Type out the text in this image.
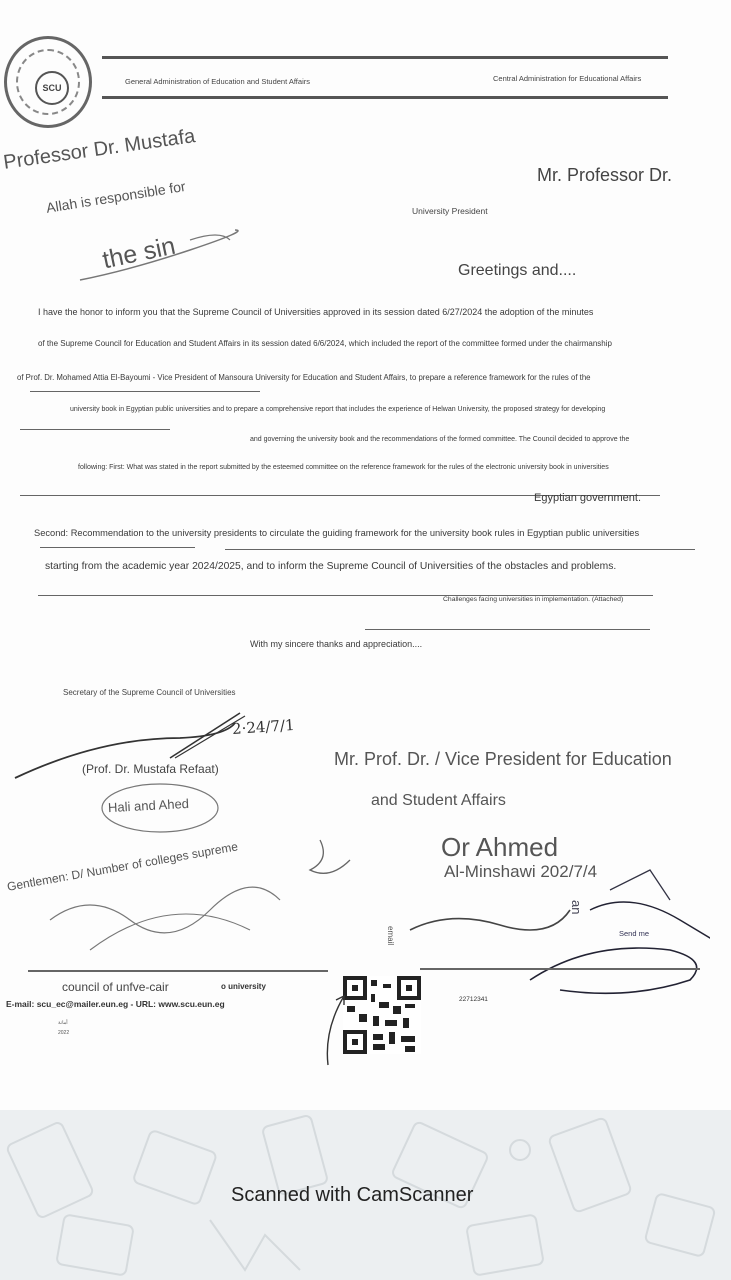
SCU
General Administration of Education and Student Affairs	Central Administration for Educational Affairs
Professor Dr. Mustafa
Allah is responsible for
the sin
Mr. Professor Dr.
University President
Greetings and....
I have the honor to inform you that the Supreme Council of Universities approved in its session dated 6/27/2024 the adoption of the minutes
of the Supreme Council for Education and Student Affairs in its session dated 6/6/2024, which included the report of the committee formed under the chairmanship
of Prof. Dr. Mohamed Attia El-Bayoumi - Vice President of Mansoura University for Education and Student Affairs, to prepare a reference framework for the rules of the
university book in Egyptian public universities and to prepare a comprehensive report that includes the experience of Helwan University, the proposed strategy for developing
and governing the university book and the recommendations of the formed committee. The Council decided to approve the
following: First: What was stated in the report submitted by the esteemed committee on the reference framework for the rules of the electronic university book in universities
Egyptian government.
Second: Recommendation to the university presidents to circulate the guiding framework for the university book rules in Egyptian public universities
starting from the academic year 2024/2025, and to inform the Supreme Council of Universities of the obstacles and problems.
Challenges facing universities in implementation. (Attached)
With my sincere thanks and appreciation....
Secretary of the Supreme Council of Universities
2·24/7/1
(Prof. Dr. Mustafa Refaat)
Hali and Ahed
Gentlemen: D/ Number of colleges supreme
Mr. Prof. Dr. / Vice President for Education
and Student Affairs
Or Ahmed
Al-Minshawi 202/7/4
an
Send me
email
council of unfve-cair	o university
E-mail: scu_ec@mailer.eun.eg - URL: www.scu.eun.eg	22712341
أمانة
2022
Scanned with CamScanner
